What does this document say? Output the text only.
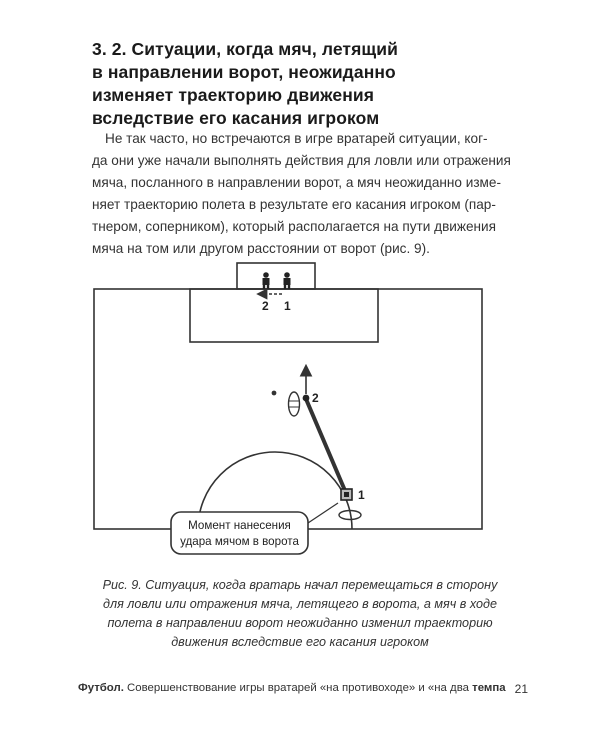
3. 2. Ситуации, когда мяч, летящий
в направлении ворот, неожиданно
изменяет траекторию движения
вследствие его касания игроком
Не так часто, но встречаются в игре вратарей ситуации, ког-
да они уже начали выполнять действия для ловли или отражения
мяча, посланного в направлении ворот, а мяч неожиданно изме-
няет траекторию полета в результате его касания игроком (пар-
тнером, соперником), который располагается на пути движения
мяча на том или другом расстоянии от ворот (рис. 9).
2 1
2
1
Момент нанесения
удара мячом в ворота
Рис. 9. Ситуация, когда вратарь начал перемещаться в сторону
для ловли или отражения мяча, летящего в ворота, а мяч в ходе
полета в направлении ворот неожиданно изменил траекторию
движения вследствие его касания игроком
Футбол. Совершенствование игры вратарей «на противоходе» и «на два темпа 21
